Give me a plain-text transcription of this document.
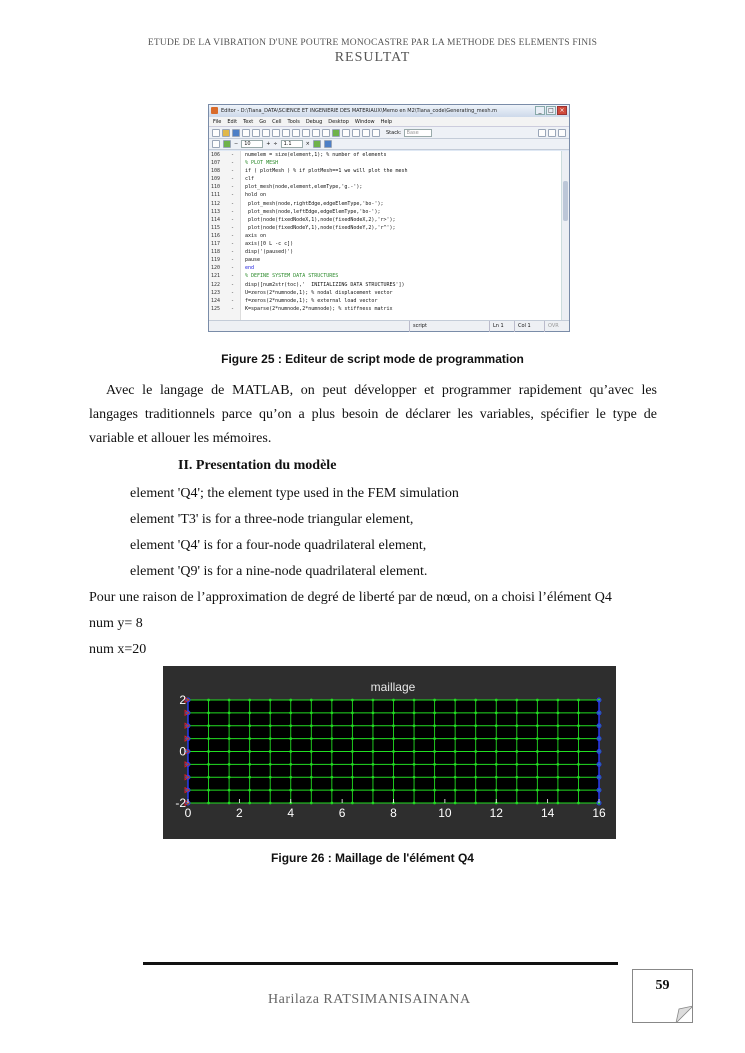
ETUDE DE LA VIBRATION D'UNE POUTRE MONOCASTRE PAR LA METHODE DES ELEMENTS FINIS
RESULTAT
Editor - D:\Tiana_DATA\SCIENCE ET INGENIERIE DES MATERIAUX\Memo en M2\Tiana_code\Generating_mesh.m	_	□ ×
File Edit Text Go Cell Tools Debug Desktop Window Help
Stack:	Base
−	10	+ ÷	1.1	×
106	- numelem = size(element,1); % number of elements
107	- % PLOT MESH
108	- if ( plotMesh ) % if plotMesh==1 we will plot the mesh
109	- clf
110	- plot_mesh(node,element,elemType,'g.-');
111	- hold on
112	- plot_mesh(node,rightEdge,edgeElemType,'bo-');
113	- plot_mesh(node,leftEdge,edgeElemType,'bo-');
114	- plot(node(fixedNodeX,1),node(fixedNodeX,2),'r>');
115	- plot(node(fixedNodeY,1),node(fixedNodeY,2),'r^');
116	- axis on
117	- axis([0 L -c c])
118	- disp('(paused)')
119	- pause
120	- end
121	- % DEFINE SYSTEM DATA STRUCTURES
122	- disp([num2str(toc),'  INITIALIZING DATA STRUCTURES'])
123	- U=zeros(2*numnode,1); % nodal displacement vector
124	- f=zeros(2*numnode,1); % external load vector
125	- K=sparse(2*numnode,2*numnode); % stiffness matrix
script	Ln 1	Col 1	OVR
Figure 25 : Editeur de script mode de programmation
Avec le langage de MATLAB, on peut développer et programmer rapidement qu’avec les langages traditionnels parce qu’on a plus besoin de déclarer les variables, spécifier le type de variable et allouer les mémoires.
II. Presentation du modèle
element 'Q4'; the element type used in the FEM simulation
element 'T3' is for a three-node triangular element,
element 'Q4' is for a four-node quadrilateral element,
element 'Q9' is for a nine-node quadrilateral element.
Pour une raison de l’approximation de degré de liberté par de nœud, on a choisi l’élément Q4
num y= 8
num x=20
maillage
0	2	4	6	8	10	12	14	16
2
0
-2
Figure 26 : Maillage de l'élément Q4
Harilaza RATSIMANISAINANA
59
